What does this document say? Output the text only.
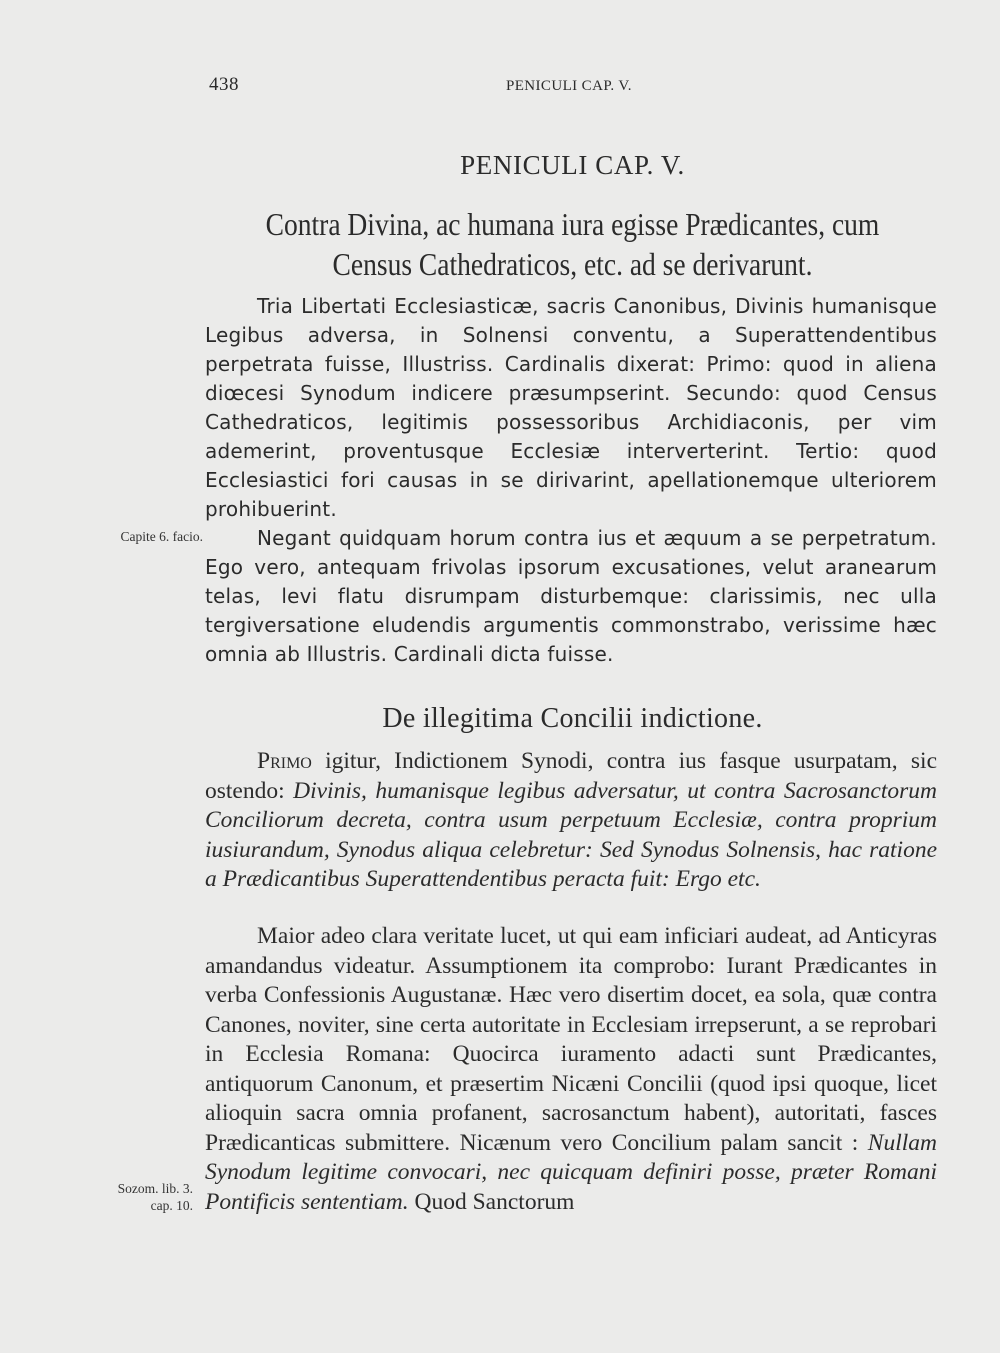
438	PENICULI CAP. V.
PENICULI CAP. V.
Contra Divina, ac humana iura egisse Prædicantes, cum
Census Cathedraticos, etc. ad se derivarunt.

Tria Libertati Ecclesiasticæ, sacris Canonibus, Divinis humanisque Legibus adversa, in Solnensi conventu, a Superattendentibus perpetrata fuisse, Illustriss. Cardinalis dixerat: Primo: quod in aliena diœcesi Synodum indicere præsumpserint. Secundo: quod Census Cathedraticos, legitimis possessoribus Archidiaconis, per vim ademerint, proventusque Ecclesiæ interverterint. Tertio: quod Ecclesiastici fori causas in se dirivarint, apellationemque ulteriorem prohibuerint.

Negant quidquam horum contra ius et æquum a se perpetratum. Ego vero, antequam frivolas ipsorum excusationes, velut aranearum telas, levi flatu disrumpam disturbemque: clarissimis, nec ulla tergiversatione eludendis argumentis commonstrabo, verissime hæc omnia ab Illustris. Cardinali dicta fuisse.

Capite 6. facio.
De illegitima Concilii indictione.

Primo igitur, Indictionem Synodi, contra ius fasque usurpatam, sic ostendo: Divinis, humanisque legibus adversatur, ut contra Sacrosanctorum Conciliorum decreta, contra usum perpetuum Ecclesiæ, contra proprium iusiurandum, Synodus aliqua celebretur: Sed Synodus Solnensis, hac ratione a Prædicantibus Superattendentibus peracta fuit: Ergo etc.

Maior adeo clara veritate lucet, ut qui eam inficiari audeat, ad Anticyras amandandus videatur. Assumptionem ita comprobo: Iurant Prædicantes in verba Confessionis Augustanæ. Hæc vero disertim docet, ea sola, quæ contra Canones, noviter, sine certa autoritate in Ecclesiam irrepserunt, a se reprobari in Ecclesia Romana: Quocirca iuramento adacti sunt Prædicantes, antiquorum Canonum, et præsertim Nicæni Concilii (quod ipsi quoque, licet alioquin sacra omnia profanent, sacrosanctum habent), autoritati, fasces Prædicanticas submittere. Nicænum vero Concilium palam sancit : Nullam Synodum legitime convocari, nec quicquam definiri posse, præter Romani Pontificis sententiam. Quod Sanctorum

Sozom. lib. 3.
cap. 10.
